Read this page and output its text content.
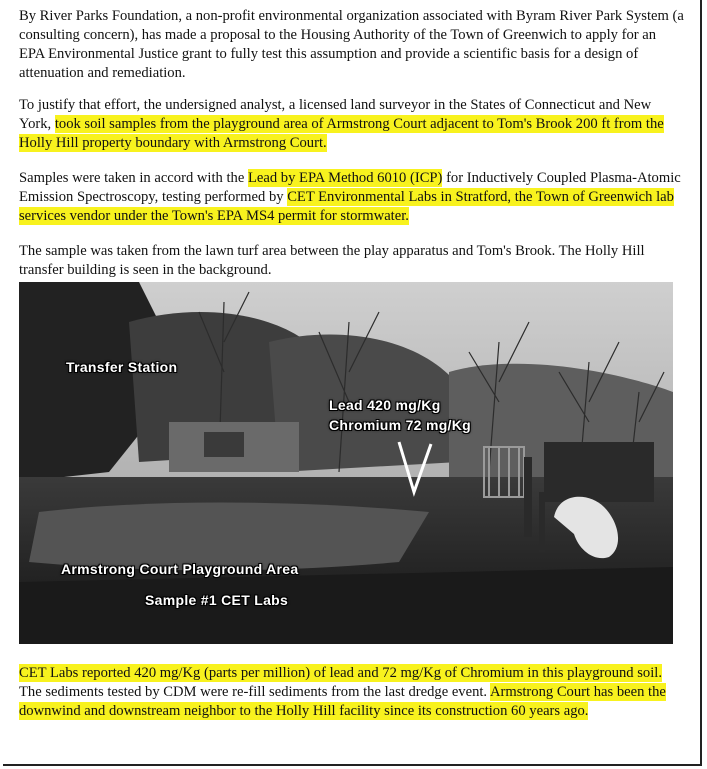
By River Parks Foundation, a non-profit environmental organization associated with Byram River Park System (a consulting concern), has made a proposal to the Housing Authority of the Town of Greenwich to apply for an EPA Environmental Justice grant to fully test this assumption and provide a scientific basis for a design of attenuation and remediation.

To justify that effort, the undersigned analyst, a licensed land surveyor in the States of Connecticut and New York, took soil samples from the playground area of Armstrong Court adjacent to Tom's Brook 200 ft from the Holly Hill property boundary with Armstrong Court.

Samples were taken in accord with the Lead by EPA Method 6010 (ICP) for Inductively Coupled Plasma-Atomic Emission Spectroscopy, testing performed by CET Environmental Labs in Stratford, the Town of Greenwich lab services vendor under the Town's EPA MS4 permit for stormwater.

The sample was taken from the lawn turf area between the play apparatus and Tom's Brook. The Holly Hill transfer building is seen in the background.

Transfer Station
Lead 420 mg/Kg
Chromium 72 mg/Kg
Armstrong Court Playground Area
Sample #1 CET Labs

CET Labs reported 420 mg/Kg (parts per million) of lead and 72 mg/Kg of Chromium in this playground soil. The sediments tested by CDM were re-fill sediments from the last dredge event. Armstrong Court has been the downwind and downstream neighbor to the Holly Hill facility since its construction 60 years ago.
